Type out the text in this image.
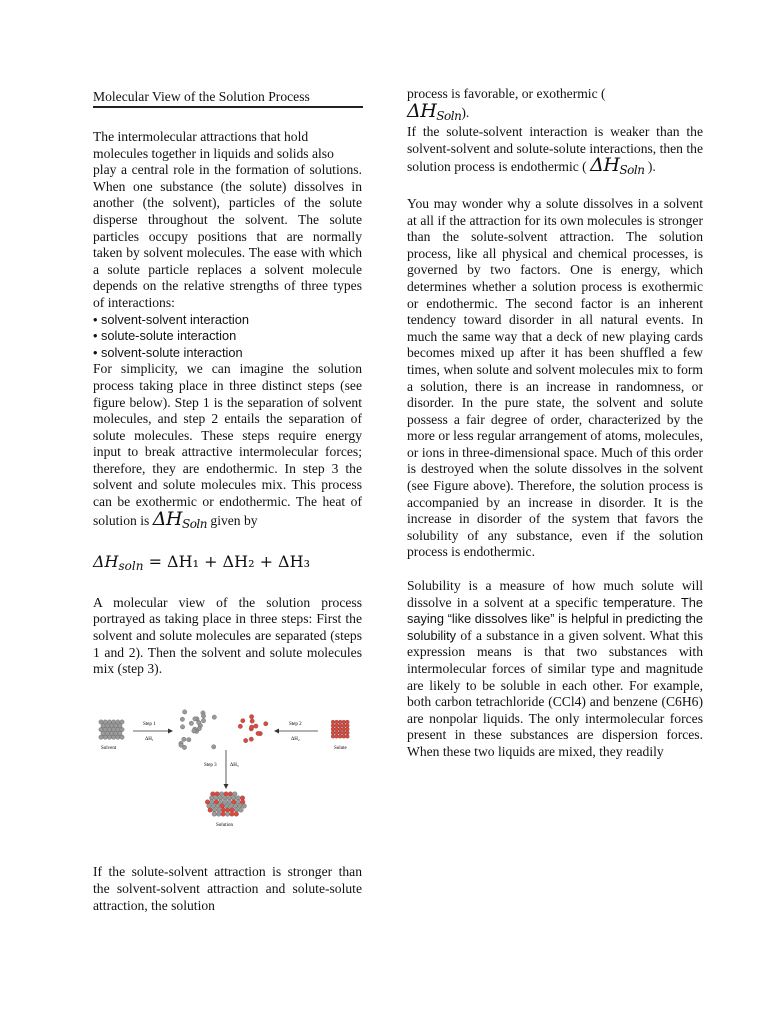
Molecular View of the Solution Process

The intermolecular attractions that hold molecules together in liquids and solids also

play a central role in the formation of solutions. When one substance (the solute) dissolves in another (the solvent), particles of the solute disperse throughout the solvent. The solute particles occupy positions that are normally taken by solvent molecules. The ease with which a solute particle replaces a solvent molecule depends on the relative strengths of three types of interactions:

• solvent-solvent interaction
• solute-solute interaction
• solvent-solute interaction

For simplicity, we can imagine the solution process taking place in three distinct steps (see figure below). Step 1 is the separation of solvent molecules, and step 2 entails the separation of solute molecules. These steps require energy input to break attractive intermolecular forces; therefore, they are endothermic. In step 3 the solvent and solute molecules mix. This process can be exothermic or endothermic. The heat of solution is $\Delta H_{Soln}$ given by

$\Delta H_{soln} = \Delta H_1 + \Delta H_2 + \Delta H_3$

A molecular view of the solution process portrayed as taking place in three steps: First the solvent and solute molecules are separated (steps 1 and 2). Then the solvent and solute molecules mix (step 3).

Step 1
ΔH₁
Step 2
ΔH₂
Step 3	ΔH₃
Solvent	Solute
Solution

If the solute-solvent attraction is stronger than the solvent-solvent attraction and solute-solute attraction, the solution

process is favorable, or exothermic (
$\Delta H_{Soln}$).

If the solute-solvent interaction is weaker than the solvent-solvent and solute-solute interactions, then the solution process is endothermic ( $\Delta H_{Soln}$ ).

You may wonder why a solute dissolves in a solvent at all if the attraction for its own molecules is stronger than the solute-solvent attraction. The solution process, like all physical and chemical processes, is governed by two factors. One is energy, which determines whether a solution process is exothermic or endothermic. The second factor is an inherent tendency toward disorder in all natural events. In much the same way that a deck of new playing cards becomes mixed up after it has been shuffled a few times, when solute and solvent molecules mix to form a solution, there is an increase in randomness, or disorder. In the pure state, the solvent and solute possess a fair degree of order, characterized by the more or less regular arrangement of atoms, molecules, or ions in three-dimensional space. Much of this order is destroyed when the solute dissolves in the solvent (see Figure above). Therefore, the solution process is accompanied by an increase in disorder. It is the increase in disorder of the system that favors the solubility of any substance, even if the solution process is endothermic.

Solubility is a measure of how much solute will dissolve in a solvent at a specific temperature. The saying “like dissolves like” is helpful in predicting the solubility of a substance in a given solvent. What this expression means is that two substances with intermolecular forces of similar type and magnitude are likely to be soluble in each other. For example, both carbon tetrachloride (CCl4) and benzene (C6H6) are nonpolar liquids. The only intermolecular forces present in these substances are dispersion forces. When these two liquids are mixed, they readily
